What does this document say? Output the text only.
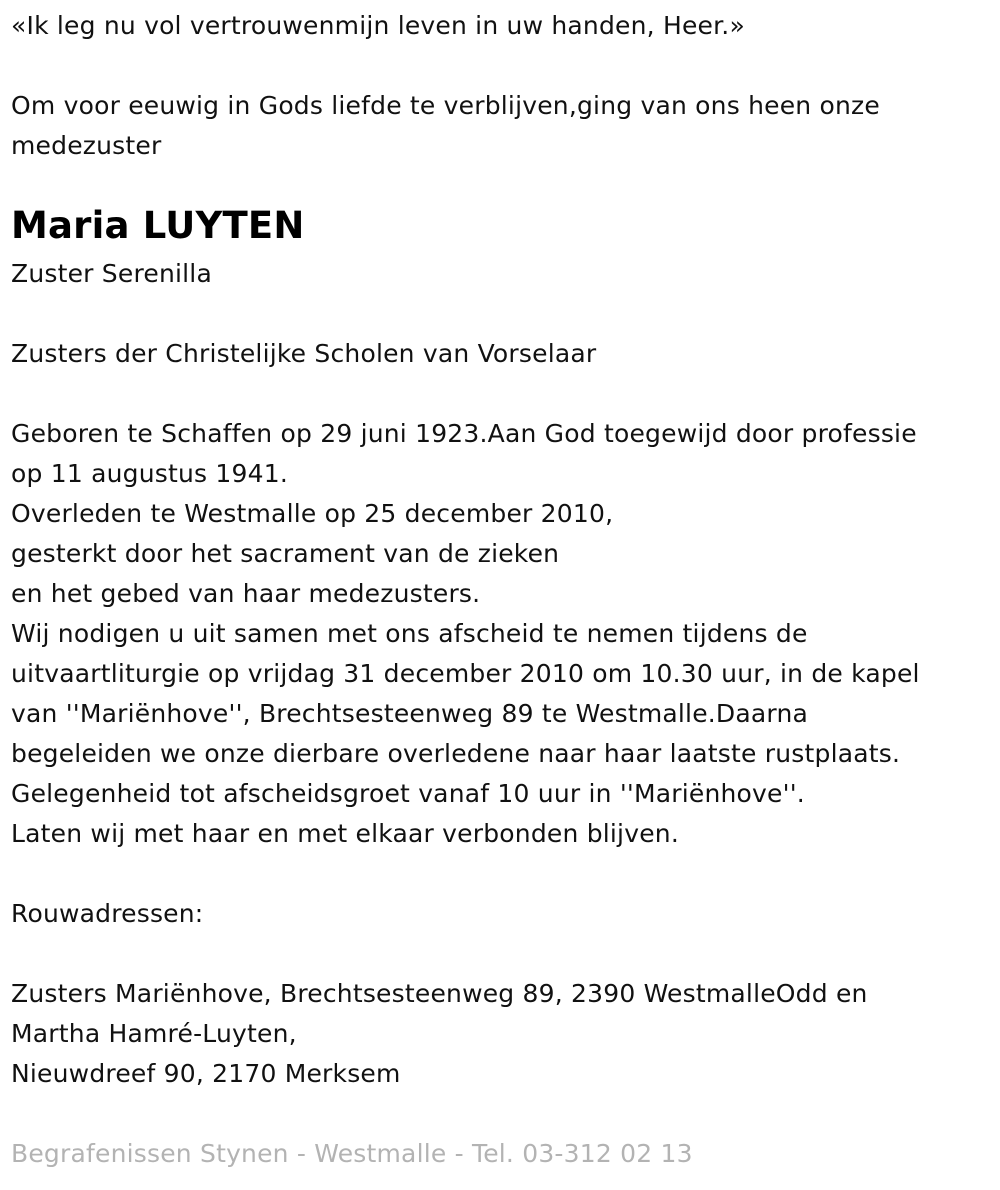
«Ik leg nu vol vertrouwenmijn leven in uw handen, Heer.»
Om voor eeuwig in Gods liefde te verblijven,ging van ons heen onze
medezuster
Maria LUYTEN
Zuster Serenilla
Zusters der Christelijke Scholen van Vorselaar
Geboren te Schaffen op 29 juni 1923.Aan God toegewijd door professie
op 11 augustus 1941.
Overleden te Westmalle op 25 december 2010,
gesterkt door het sacrament van de zieken
en het gebed van haar medezusters.
Wij nodigen u uit samen met ons afscheid te nemen tijdens de
uitvaartliturgie op vrijdag 31 december 2010 om 10.30 uur, in de kapel
van ''Mariënhove'', Brechtsesteenweg 89 te Westmalle.Daarna
begeleiden we onze dierbare overledene naar haar laatste rustplaats.
Gelegenheid tot afscheidsgroet vanaf 10 uur in ''Mariënhove''.
Laten wij met haar en met elkaar verbonden blijven.
Rouwadressen:
Zusters Mariënhove, Brechtsesteenweg 89, 2390 WestmalleOdd en
Martha Hamré-Luyten,
Nieuwdreef 90, 2170 Merksem
Begrafenissen Stynen - Westmalle - Tel. 03-312 02 13
